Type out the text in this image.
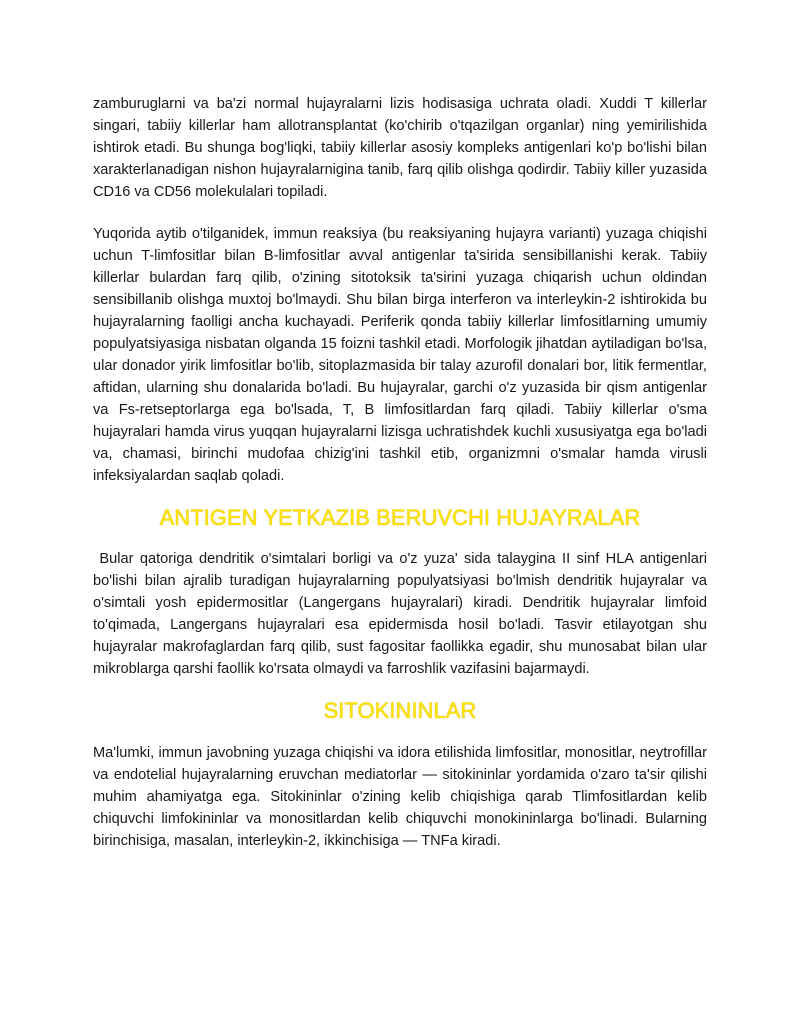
zamburuglarni va ba'zi normal hujayralarni lizis hodisasiga uchrata oladi. Xuddi T killerlar singari, tabiiy killerlar ham allotransplantat (ko'chirib o'tqazilgan organlar) ning yemirilishida ishtirok etadi. Bu shunga bog'liqki, tabiiy killerlar asosiy kompleks antigenlari ko'p bo'lishi bilan xarakterlanadigan nishon hujayralarnigina tanib, farq qilib olishga qodirdir. Tabiiy killer yuzasida CD16 va CD56 molekulalari topiladi.

Yuqorida aytib o'tilganidek, immun reaksiya (bu reaksiyaning hujayra varianti) yuzaga chiqishi uchun T-limfositlar bilan B-limfositlar avval antigenlar ta'sirida sensibillanishi kerak. Tabiiy killerlar bulardan farq qilib, o'zining sitotoksik ta'sirini yuzaga chiqarish uchun oldindan sensibillanib olishga muxtoj bo'lmaydi. Shu bilan birga interferon va interleykin-2 ishtirokida bu hujayralarning faolligi ancha kuchayadi. Periferik qonda tabiiy killerlar limfositlarning umumiy populyatsiyasiga nisbatan olganda 15 foizni tashkil etadi. Morfologik jihatdan aytiladigan bo'lsa, ular donador yirik limfositlar bo'lib, sitoplazmasida bir talay azurofil donalari bor, litik fermentlar, aftidan, ularning shu donalarida bo'ladi. Bu hujayralar, garchi o'z yuzasida bir qism antigenlar va Fs-retseptorlarga ega bo'lsada, T, B limfositlardan farq qiladi. Tabiiy killerlar o'sma hujayralari hamda virus yuqqan hujayralarni lizisga uchratishdek kuchli xususiyatga ega bo'ladi va, chamasi, birinchi mudofaa chizig'ini tashkil etib, organizmni o'smalar hamda virusli infeksiyalardan saqlab qoladi.

ANTIGEN YETKAZIB BERUVCHI HUJAYRALAR

Bular qatoriga dendritik o'simtalari borligi va o'z yuza' sida talaygina II sinf HLA antigenlari bo'lishi bilan ajralib turadigan hujayralarning populyatsiyasi bo'lmish dendritik hujayralar va o'simtali yosh epidermositlar (Langergans hujayralari) kiradi. Dendritik hujayralar limfoid to'qimada, Langergans hujayralari esa epidermisda hosil bo'ladi. Tasvir etilayotgan shu hujayralar makrofaglardan farq qilib, sust fagositar faollikka egadir, shu munosabat bilan ular mikroblarga qarshi faollik ko'rsata olmaydi va farroshlik vazifasini bajarmaydi.

SITOKININLAR

Ma'lumki, immun javobning yuzaga chiqishi va idora etilishida limfositlar, monositlar, neytrofillar va endotelial hujayralarning eruvchan mediatorlar — sitokininlar yordamida o'zaro ta'sir qilishi muhim ahamiyatga ega. Sitokininlar o'zining kelib chiqishiga qarab Tlimfositlardan kelib chiquvchi limfokininlar va monositlardan kelib chiquvchi monokininlarga bo'linadi. Bularning birinchisiga, masalan, interleykin-2, ikkinchisiga — TNFa kiradi.
